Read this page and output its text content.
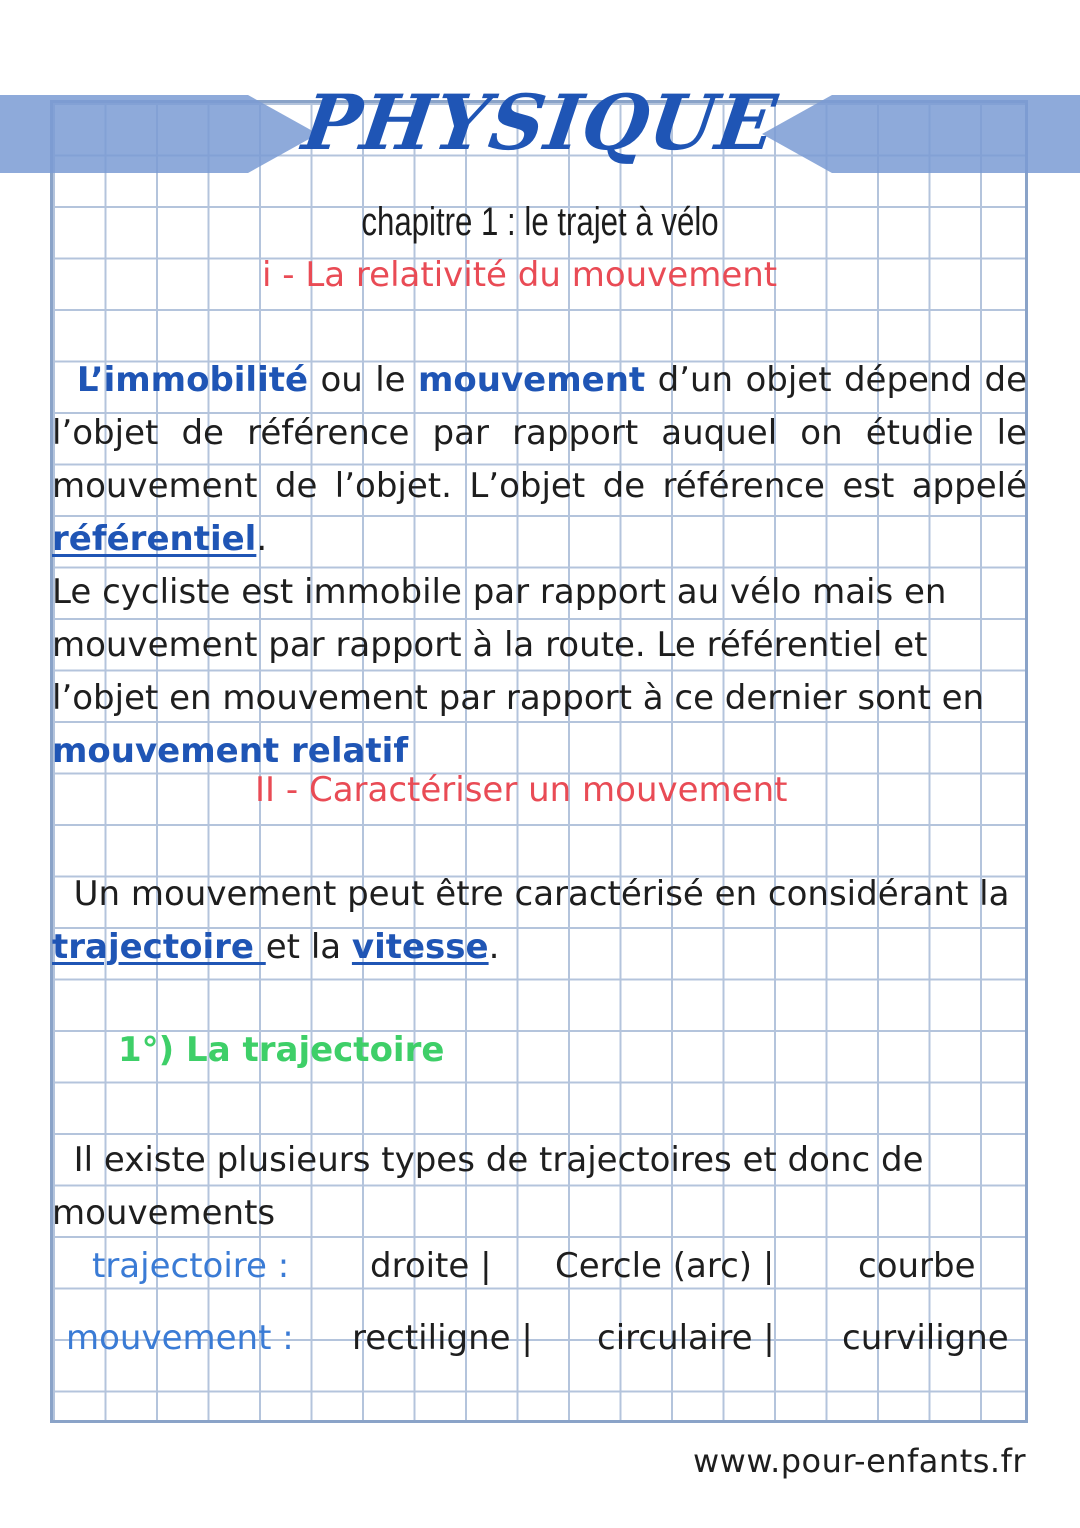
PHYSIQUE
chapitre 1 : le trajet à vélo
i - La relativité du mouvement
L’immobilité ou le mouvement d’un objet dépend de l’objet de référence par rapport auquel on étudie le mouvement de l’objet. L’objet de référence est appelé référentiel.
Le cycliste est immobile par rapport au vélo mais en mouvement par rapport à la route. Le référentiel et l’objet en mouvement par rapport à ce dernier sont en mouvement relatif
II - Caractériser un mouvement
Un mouvement peut être caractérisé en considérant la trajectoire et la vitesse.
1°) La trajectoire
Il existe plusieurs types de trajectoires et donc de mouvements
trajectoire : droite | Cercle (arc) | courbe
mouvement : rectiligne | circulaire | curviligne
www.pour-enfants.fr
